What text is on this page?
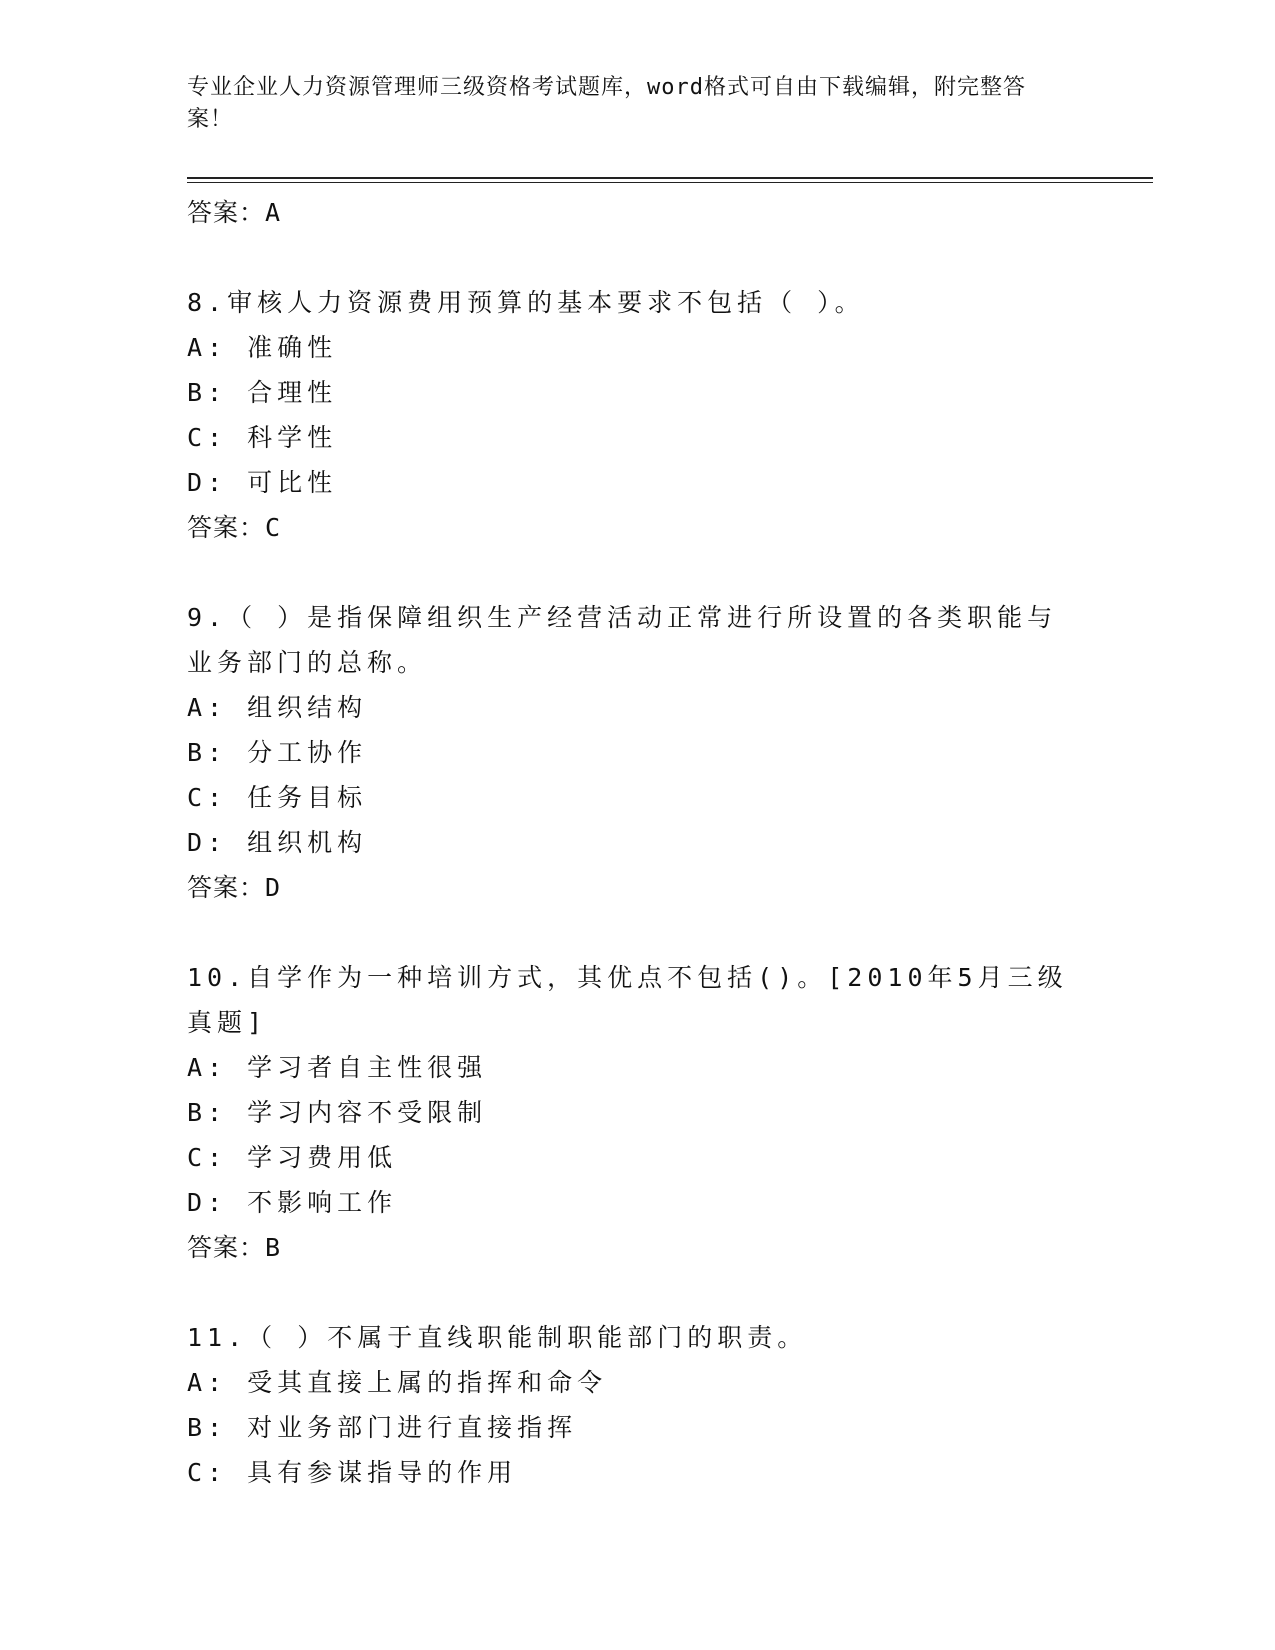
专业企业人力资源管理师三级资格考试题库，word格式可自由下载编辑，附完整答案！
答案：A
8.审核人力资源费用预算的基本要求不包括（ ）。
A: 准确性
B: 合理性
C: 科学性
D: 可比性
答案：C
9.（ ）是指保障组织生产经营活动正常进行所设置的各类职能与业务部门的总称。
A: 组织结构
B: 分工协作
C: 任务目标
D: 组织机构
答案：D
10.自学作为一种培训方式，其优点不包括()。[2010年5月三级真题]
A: 学习者自主性很强
B: 学习内容不受限制
C: 学习费用低
D: 不影响工作
答案：B
11.（ ）不属于直线职能制职能部门的职责。
A: 受其直接上属的指挥和命令
B: 对业务部门进行直接指挥
C: 具有参谋指导的作用
